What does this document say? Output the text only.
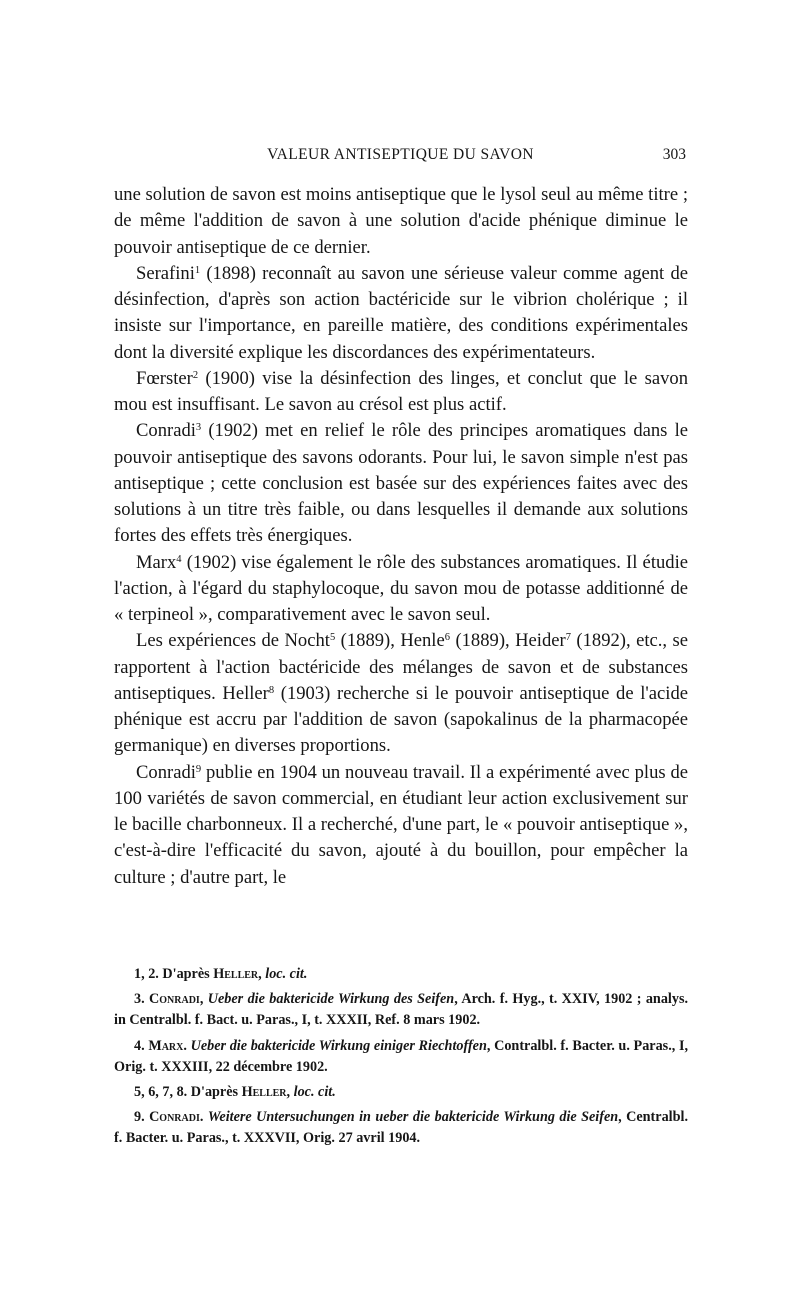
VALEUR ANTISEPTIQUE DU SAVON	303

une solution de savon est moins antiseptique que le lysol seul au même titre ; de même l'addition de savon à une solution d'acide phénique diminue le pouvoir antiseptique de ce dernier.

Serafini$^1$ (1898) reconnaît au savon une sérieuse valeur comme agent de désinfection, d'après son action bactéricide sur le vibrion cholérique ; il insiste sur l'importance, en pareille matière, des conditions expérimentales dont la diversité explique les discordances des expérimentateurs.

Fœrster$^2$ (1900) vise la désinfection des linges, et conclut que le savon mou est insuffisant. Le savon au crésol est plus actif.

Conradi$^3$ (1902) met en relief le rôle des principes aromatiques dans le pouvoir antiseptique des savons odorants. Pour lui, le savon simple n'est pas antiseptique ; cette conclusion est basée sur des expériences faites avec des solutions à un titre très faible, ou dans lesquelles il demande aux solutions fortes des effets très énergiques.

Marx$^4$ (1902) vise également le rôle des substances aromatiques. Il étudie l'action, à l'égard du staphylocoque, du savon mou de potasse additionné de « terpineol », comparativement avec le savon seul.

Les expériences de Nocht$^5$ (1889), Henle$^6$ (1889), Heider$^7$ (1892), etc., se rapportent à l'action bactéricide des mélanges de savon et de substances antiseptiques. Heller$^8$ (1903) recherche si le pouvoir antiseptique de l'acide phénique est accru par l'addition de savon (sapokalinus de la pharmacopée germanique) en diverses proportions.

Conradi$^9$ publie en 1904 un nouveau travail. Il a expérimenté avec plus de 100 variétés de savon commercial, en étudiant leur action exclusivement sur le bacille charbonneux. Il a recherché, d'une part, le « pouvoir antiseptique », c'est-à-dire l'efficacité du savon, ajouté à du bouillon, pour empêcher la culture ; d'autre part, le

1, 2. D'après Heller, loc. cit.

3. Conradi, Ueber die baktericide Wirkung des Seifen, Arch. f. Hyg., t. XXIV, 1902 ; analys. in Centralbl. f. Bact. u. Paras., I, t. XXXII, Ref. 8 mars 1902.

4. Marx. Ueber die baktericide Wirkung einiger Riechtoffen, Contralbl. f. Bacter. u. Paras., I, Orig. t. XXXIII, 22 décembre 1902.

5, 6, 7, 8. D'après Heller, loc. cit.

9. Conradi. Weitere Untersuchungen in ueber die baktericide Wirkung die Seifen, Centralbl. f. Bacter. u. Paras., t. XXXVII, Orig. 27 avril 1904.
